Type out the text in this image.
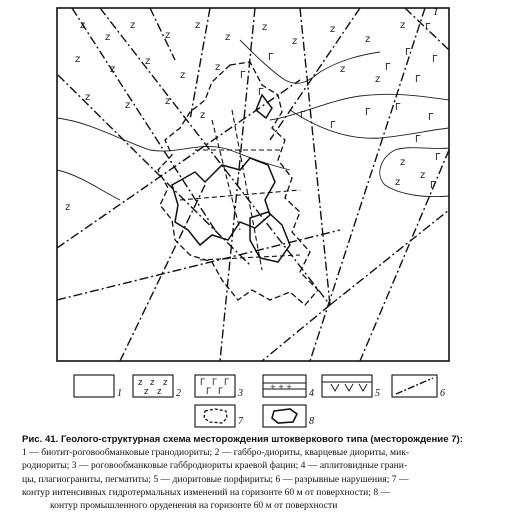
z
z
z
z
z
z
z
z
z
z
z
z
z	z
z
z
z
z
z
z
z
z
z
z
z
z
Г
Г
Г
Г
Г
Г
Г
Г
Г
Г
Г	Г
Г
Г
Г
Г
1
z z z
z z
Г Г Г
Г Г	+ + +
1	2	3	4	5	6
7	8
Рис. 41. Геолого-структурная схема месторождения штокверкового типа (месторождение 7):
1 — биотит-роговообманковые гранодиориты; 2 — габбро-диориты, кварцевые диориты, мик-
родиориты; 3 — роговообманковые габбродиориты краевой фации; 4 — аплитовидные грани-
цы, плагиограниты, пегматиты; 5 — диоритовые порфириты; 6 — разрывные нарушения; 7 —
контур интенсивных гидротермальных изменений на горизонте 60 м от поверхности; 8 —
контур промышленного оруденения на горизонте 60 м от поверхности
